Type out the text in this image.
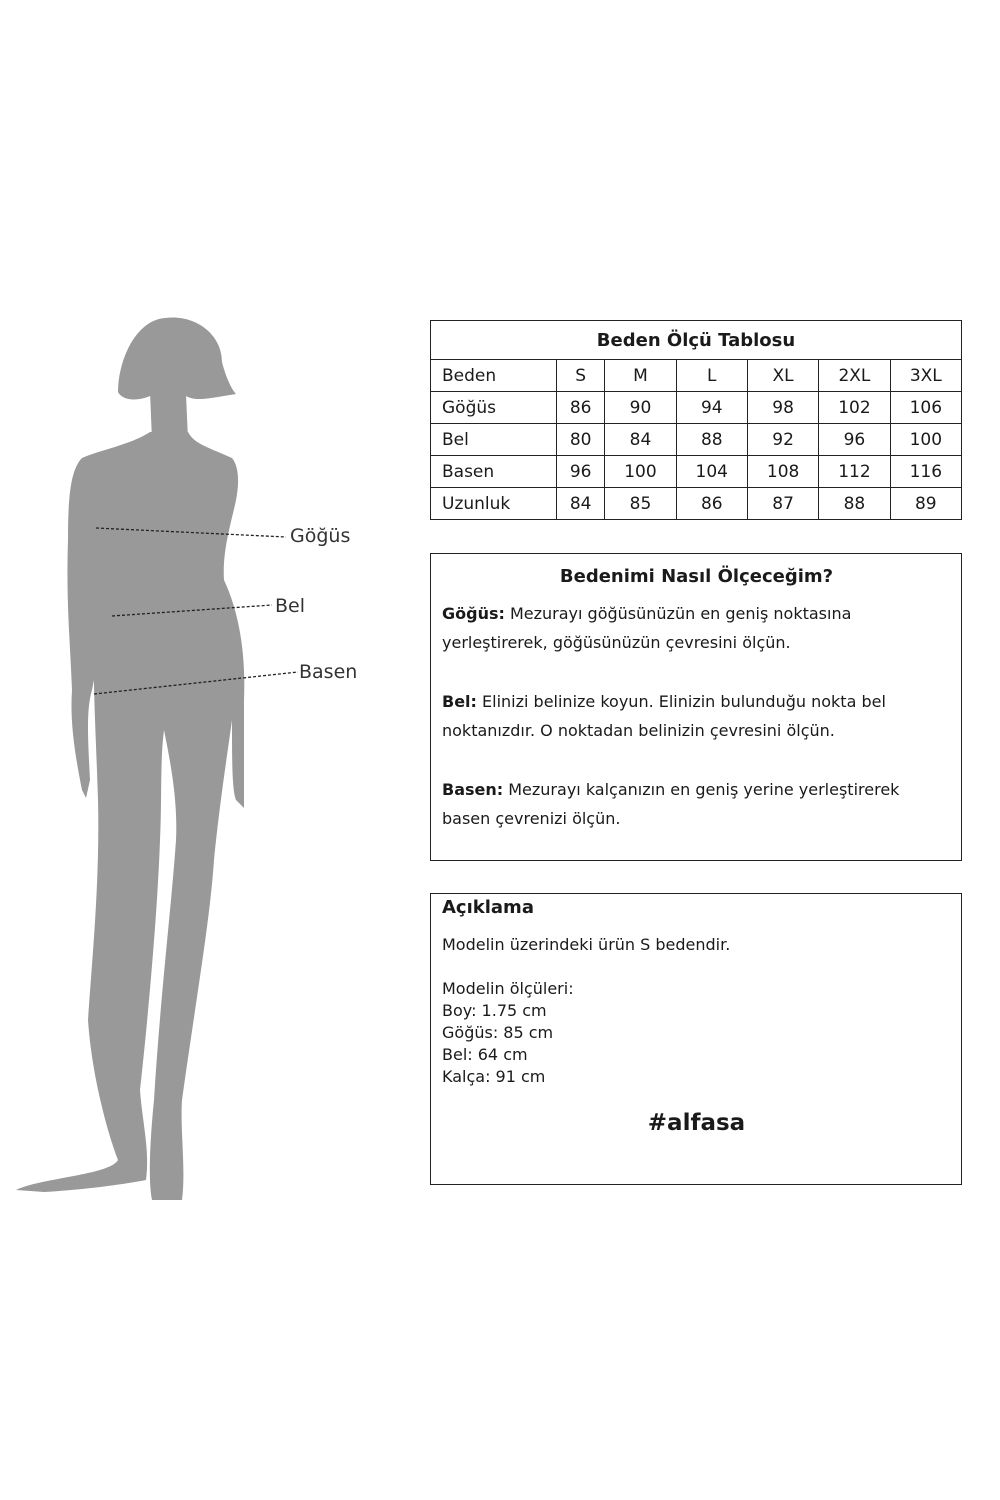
Göğüs
Bel
Basen
Beden Ölçü Tablosu						
Beden	S	M	L	XL	2XL	3XL
Göğüs	86	90	94	98	102	106
Bel	80	84	88	92	96	100
Basen	96	100	104	108	112	116
Uzunluk	84	85	86	87	88	89
Bedenimi Nasıl Ölçeceğim?

Göğüs: Mezurayı göğüsünüzün en geniş noktasına yerleştirerek, göğüsünüzün çevresini ölçün.

Bel: Elinizi belinize koyun. Elinizin bulunduğu nokta bel noktanızdır. O noktadan belinizin çevresini ölçün.

Basen: Mezurayı kalçanızın en geniş yerine yerleştirerek basen çevrenizi ölçün.

Açıklama

Modelin üzerindeki ürün S bedendir.

Modelin ölçüleri:

Boy: 1.75 cm

Göğüs: 85 cm

Bel: 64 cm

Kalça: 91 cm

#alfasa
